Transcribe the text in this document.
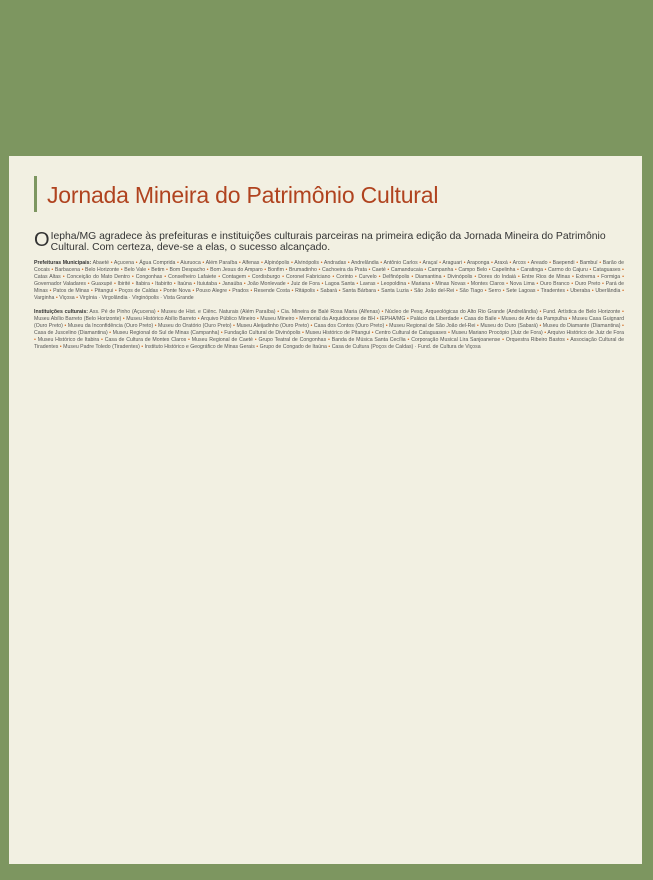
Jornada Mineira do Patrimônio Cultural
O Iepha/MG agradece às prefeituras e instituições culturais parceiras na primeira edição da Jornada Mineira do Patrimônio Cultural. Com certeza, deve-se a elas, o sucesso alcançado.
Prefeituras Municipais: Abaeté • Açucena • Água Comprida • Aiuruoca • Além Paraíba • Alfenas • Alpinópolis • Alvinópolis • Andradas • Andrelândia • Antônio Carlos • Araçaí • Araguari • Araponga • Araxá • Arcos • Areado • Baependi • Bambuí • Barão de Cocais • Barbacena • Belo Horizonte • Belo Vale • Betim • Bom Despacho • Bom Jesus do Amparo • Bonfim • Brumadinho • Cachoeira da Prata • Caeté • Camanducaia • Campanha • Campo Belo • Capelinha • Caratinga • Carmo do Cajuru • Cataguases • Catas Altas • Conceição do Mato Dentro • Congonhas • Conselheiro Lafaiete • Contagem • Cordisburgo • Coronel Fabriciano • Corinto • Curvelo • Delfinópolis • Diamantina • Divinópolis • Dores do Indaiá • Entre Rios de Minas • Extrema • Formiga • Governador Valadares • Guaxupé • Ibirité • Itabira • Itabirito • Itaúna • Ituiutaba • Janaúba • João Monlevade • Juiz de Fora • Lagoa Santa • Lavras • Leopoldina • Mariana • Minas Novas • Montes Claros • Nova Lima • Ouro Branco • Ouro Preto • Pará de Minas • Patos de Minas • Pitangui • Poços de Caldas • Ponte Nova • Pouso Alegre • Prados • Resende Costa • Ritápolis • Sabará • Santa Bárbara • Santa Luzia • São João del-Rei • São Tiago • Serro • Sete Lagoas • Tiradentes • Uberaba • Uberlândia • Varginha • Viçosa • Virgínia · Virgolândia · Virginópolis · Vista Grande
Instituições culturais: Ass. Pé de Pinho (Açucena) • Museu de Hist. e Ciênc. Naturais (Além Paraíba) • Cia. Mineira de Balé Rosa Maria (Alfenas) • Núcleo de Pesq. Arqueológicas do Alto Rio Grande (Andrelândia) • Fund. Artística de Belo Horizonte • Museu Abílio Barreto (Belo Horizonte) • Museu Histórico Abílio Barreto • Arquivo Público Mineiro • Museu Mineiro • Memorial da Arquidiocese de BH • IEPHA/MG • Palácio da Liberdade • Casa do Baile • Museu de Arte da Pampulha • Museu Casa Guignard (Ouro Preto) • Museu da Inconfidência (Ouro Preto) • Museu do Oratório (Ouro Preto) • Museu Aleijadinho (Ouro Preto) • Casa dos Contos (Ouro Preto) • Museu Regional de São João del-Rei • Museu do Ouro (Sabará) • Museu do Diamante (Diamantina) • Casa de Juscelino (Diamantina) • Museu Regional do Sul de Minas (Campanha) • Fundação Cultural de Divinópolis • Museu Histórico de Pitangui • Centro Cultural de Cataguases • Museu Mariano Procópio (Juiz de Fora) • Arquivo Histórico de Juiz de Fora • Museu Histórico de Itabira • Casa de Cultura de Montes Claros • Museu Regional de Caeté • Grupo Teatral de Congonhas • Banda de Música Santa Cecília • Corporação Musical Lira Sanjoanense • Orquestra Ribeiro Bastos • Associação Cultural de Tiradentes • Museu Padre Toledo (Tiradentes) • Instituto Histórico e Geográfico de Minas Gerais • Grupo de Congado de Itaúna • Casa de Cultura (Poços de Caldas) · Fund. de Cultura de Viçosa
